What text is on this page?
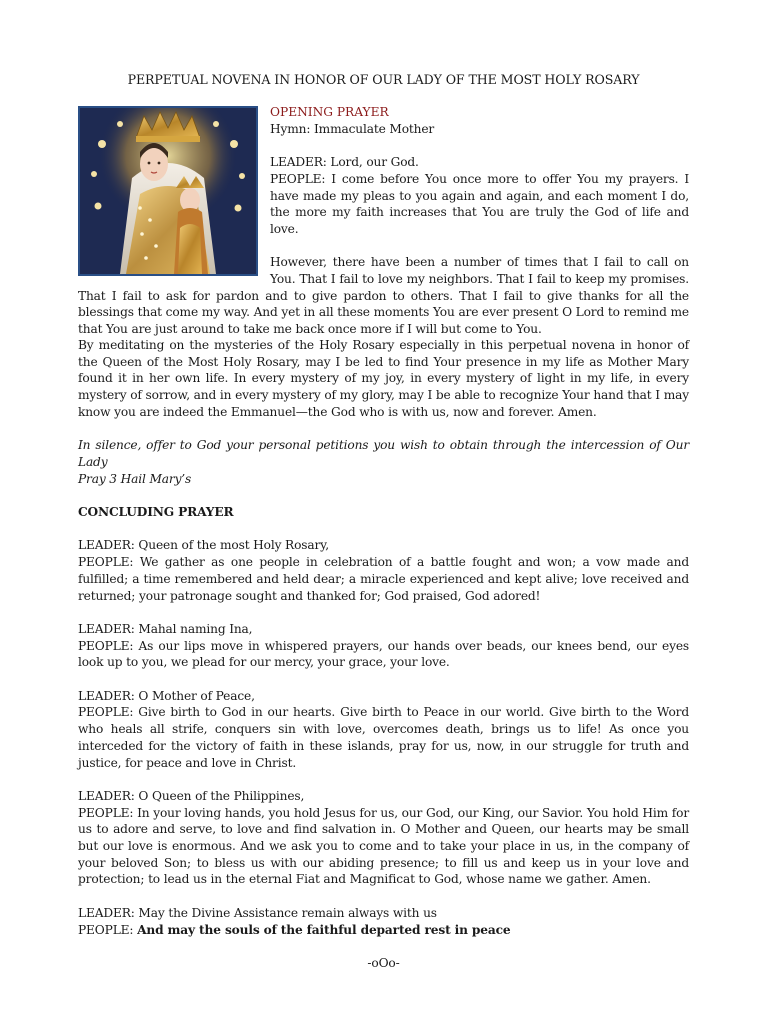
PERPETUAL NOVENA IN HONOR OF OUR LADY OF THE MOST HOLY ROSARY

OPENING PRAYER

Hymn: Immaculate Mother

LEADER: Lord, our God.

PEOPLE: I come before You once more to offer You my prayers. I have made my pleas to you again and again, and each moment I do, the more my faith increases that You are truly the God of life and love.

However, there have been a number of times that I fail to call on You. That I fail to love my neighbors. That I fail to keep my promises. That I fail to ask for pardon and to give pardon to others. That I fail to give thanks for all the blessings that come my way. And yet in all these moments You are ever present O Lord to remind me that You are just around to take me back once more if I will but come to You.

By meditating on the mysteries of the Holy Rosary especially in this perpetual novena in honor of the Queen of the Most Holy Rosary, may I be led to find Your presence in my life as Mother Mary found it in her own life. In every mystery of my joy, in every mystery of light in my life, in every mystery of sorrow, and in every mystery of my glory, may I be able to recognize Your hand that I may know you are indeed the Emmanuel—the God who is with us, now and forever. Amen.

In silence, offer to God your personal petitions you wish to obtain through the intercession of Our Lady

Pray 3 Hail Mary’s

CONCLUDING PRAYER

LEADER: Queen of the most Holy Rosary,

PEOPLE: We gather as one people in celebration of a battle fought and won; a vow made and fulfilled; a time remembered and held dear; a miracle experienced and kept alive; love received and returned; your patronage sought and thanked for; God praised, God adored!

LEADER: Mahal naming Ina,

PEOPLE: As our lips move in whispered prayers, our hands over beads, our knees bend, our eyes look up to you, we plead for our mercy, your grace, your love.

LEADER: O Mother of Peace,

PEOPLE: Give birth to God in our hearts. Give birth to Peace in our world. Give birth to the Word who heals all strife, conquers sin with love, overcomes death, brings us to life! As once you interceded for the victory of faith in these islands, pray for us, now, in our struggle for truth and justice, for peace and love in Christ.

LEADER: O Queen of the Philippines,

PEOPLE: In your loving hands, you hold Jesus for us, our God, our King, our Savior. You hold Him for us to adore and serve, to love and find salvation in. O Mother and Queen, our hearts may be small but our love is enormous. And we ask you to come and to take your place in us, in the company of your beloved Son; to bless us with our abiding presence; to fill us and keep us in your love and protection; to lead us in the eternal Fiat and Magnificat to God, whose name we gather. Amen.

LEADER: May the Divine Assistance remain always with us

PEOPLE: And may the souls of the faithful departed rest in peace

-oOo-
